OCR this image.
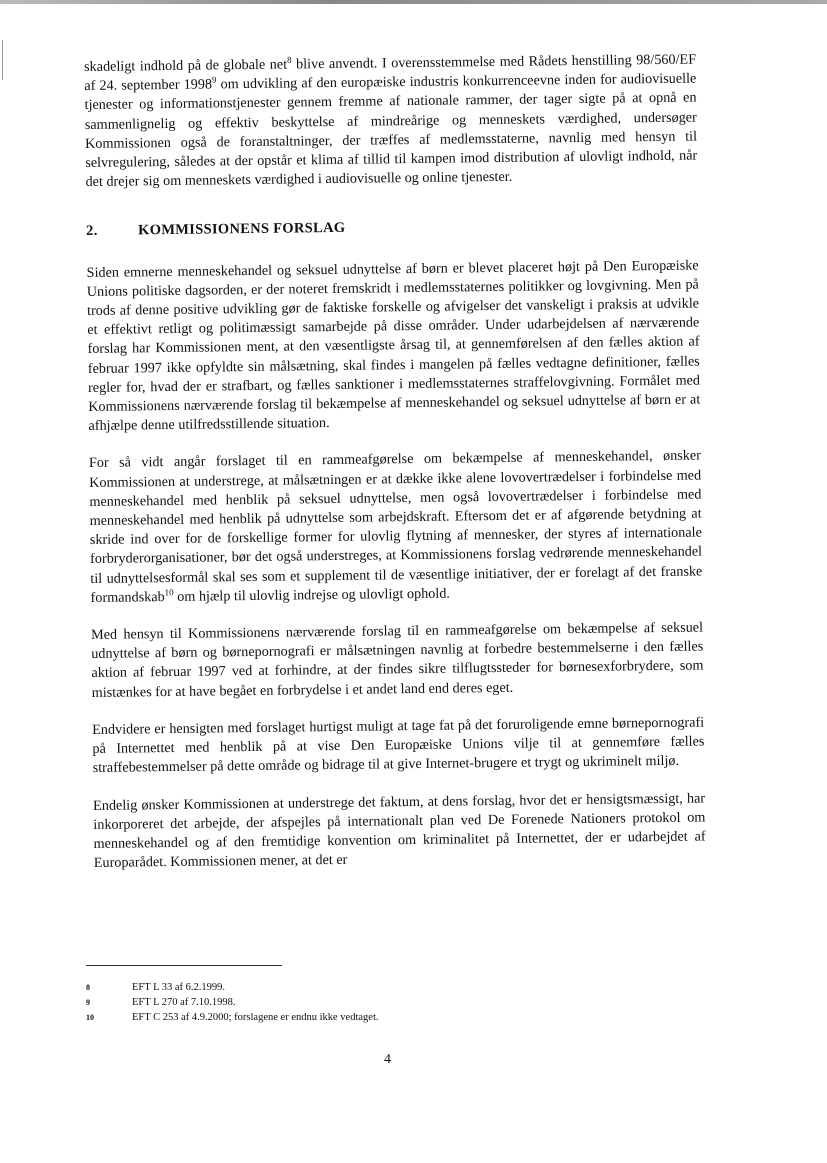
skadeligt indhold på de globale net$^8$ blive anvendt. I overensstemmelse med Rådets henstilling 98/560/EF af 24. september 1998$^9$ om udvikling af den europæiske industris konkurrenceevne inden for audiovisuelle tjenester og informationstjenester gennem fremme af nationale rammer, der tager sigte på at opnå en sammenlignelig og effektiv beskyttelse af mindreårige og menneskets værdighed, undersøger Kommissionen også de foranstaltninger, der træffes af medlemsstaterne, navnlig med hensyn til selvregulering, således at der opstår et klima af tillid til kampen imod distribution af ulovligt indhold, når det drejer sig om menneskets værdighed i audiovisuelle og online tjenester.

2.	KOMMISSIONENS FORSLAG

Siden emnerne menneskehandel og seksuel udnyttelse af børn er blevet placeret højt på Den Europæiske Unions politiske dagsorden, er der noteret fremskridt i medlemsstaternes politikker og lovgivning. Men på trods af denne positive udvikling gør de faktiske forskelle og afvigelser det vanskeligt i praksis at udvikle et effektivt retligt og politimæssigt samarbejde på disse områder. Under udarbejdelsen af nærværende forslag har Kommissionen ment, at den væsentligste årsag til, at gennemførelsen af den fælles aktion af februar 1997 ikke opfyldte sin målsætning, skal findes i mangelen på fælles vedtagne definitioner, fælles regler for, hvad der er strafbart, og fælles sanktioner i medlemsstaternes straffelovgivning. Formålet med Kommissionens nærværende forslag til bekæmpelse af menneskehandel og seksuel udnyttelse af børn er at afhjælpe denne utilfredsstillende situation.

For så vidt angår forslaget til en rammeafgørelse om bekæmpelse af menneskehandel, ønsker Kommissionen at understrege, at målsætningen er at dække ikke alene lovovertrædelser i forbindelse med menneskehandel med henblik på seksuel udnyttelse, men også lovovertrædelser i forbindelse med menneskehandel med henblik på udnyttelse som arbejdskraft. Eftersom det er af afgørende betydning at skride ind over for de forskellige former for ulovlig flytning af mennesker, der styres af internationale forbryderorganisationer, bør det også understreges, at Kommissionens forslag vedrørende menneskehandel til udnyttelsesformål skal ses som et supplement til de væsentlige initiativer, der er forelagt af det franske formandskab$^{10}$ om hjælp til ulovlig indrejse og ulovligt ophold.

Med hensyn til Kommissionens nærværende forslag til en rammeafgørelse om bekæmpelse af seksuel udnyttelse af børn og børnepornografi er målsætningen navnlig at forbedre bestemmelserne i den fælles aktion af februar 1997 ved at forhindre, at der findes sikre tilflugtssteder for børnesexforbrydere, som mistænkes for at have begået en forbrydelse i et andet land end deres eget.

Endvidere er hensigten med forslaget hurtigst muligt at tage fat på det foruroligende emne børnepornografi på Internettet med henblik på at vise Den Europæiske Unions vilje til at gennemføre fælles straffebestemmelser på dette område og bidrage til at give Internet-brugere et trygt og ukriminelt miljø.

Endelig ønsker Kommissionen at understrege det faktum, at dens forslag, hvor det er hensigtsmæssigt, har inkorporeret det arbejde, der afspejles på internationalt plan ved De Forenede Nationers protokol om menneskehandel og af den fremtidige konvention om kriminalitet på Internettet, der er udarbejdet af Europarådet. Kommissionen mener, at det er

8	EFT L 33 af 6.2.1999.
9	EFT L 270 af 7.10.1998.
10	EFT C 253 af 4.9.2000; forslagene er endnu ikke vedtaget.
4
